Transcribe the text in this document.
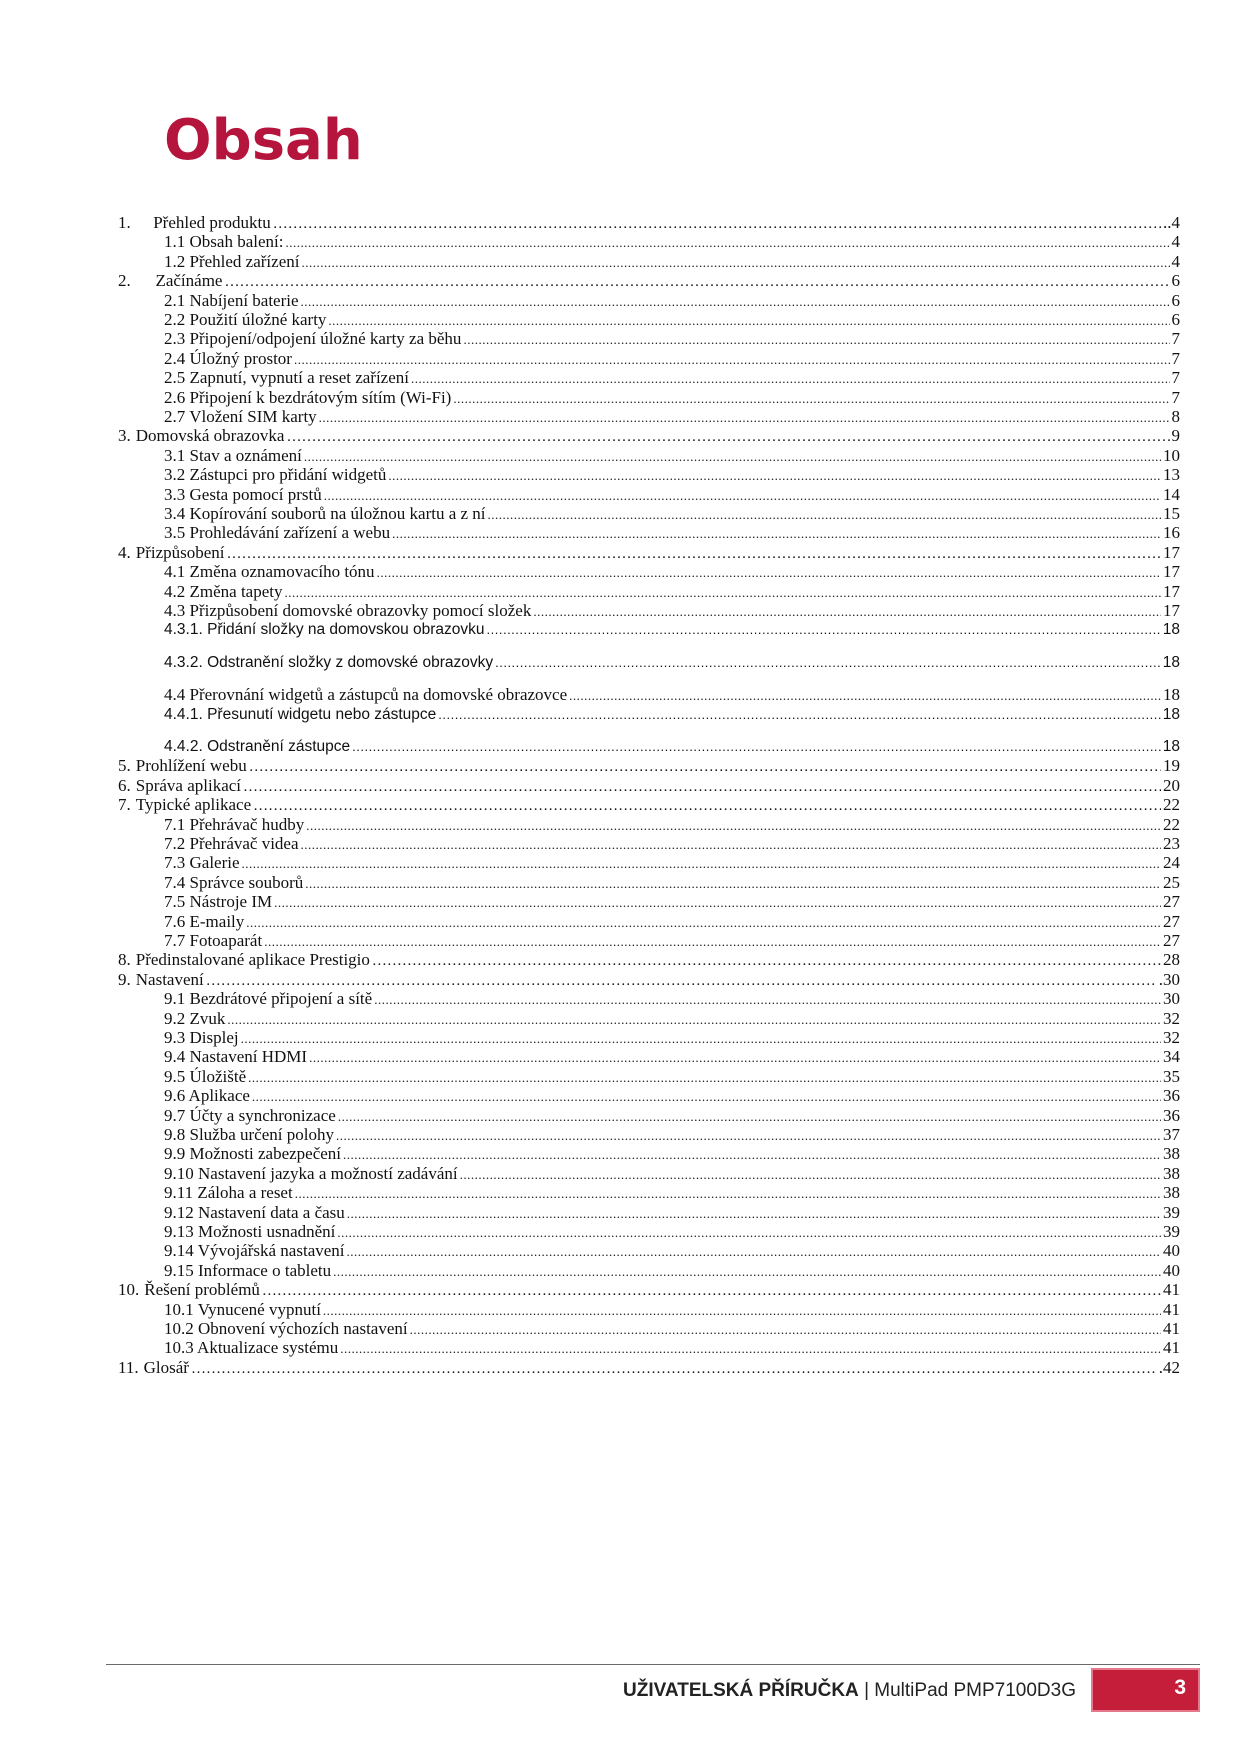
Obsah
1.	Přehled produktu ……………………………………………………………………………………………………………………………………………………………………………………………………	..4
1.1 Obsah balení: .....	4
1.2 Přehled zařízení .....	4
2.	Začínáme ……………………………………………………………………………………………………………………………………………………………………………………………………	6
2.1 Nabíjení baterie .....	6
2.2 Použití úložné karty .....	6
2.3 Připojení/odpojení úložné karty za běhu .....	7
2.4 Úložný prostor .....	7
2.5 Zapnutí, vypnutí a reset zařízení .....	7
2.6 Připojení k bezdrátovým sítím (Wi-Fi) .....	7
2.7 Vložení SIM karty .....	8
3. Domovská obrazovka ……………………………………………………………………………………………………………………………………………………………………………………………………	9
3.1 Stav a oznámení .....	10
3.2 Zástupci pro přidání widgetů .....	13
3.3 Gesta pomocí prstů .....	14
3.4 Kopírování souborů na úložnou kartu a z ní .....	15
3.5 Prohledávání zařízení a webu .....	16
4. Přizpůsobení ……………………………………………………………………………………………………………………………………………………………………………………………………	17
4.1 Změna oznamovacího tónu .....	17
4.2 Změna tapety .....	17
4.3 Přizpůsobení domovské obrazovky pomocí složek .....	17
4.3.1. Přidání složky na domovskou obrazovku .....	18
4.3.2. Odstranění složky z domovské obrazovky .....	18
4.4 Přerovnání widgetů a zástupců na domovské obrazovce .....	18
4.4.1. Přesunutí widgetu nebo zástupce .....	18
4.4.2. Odstranění zástupce .....	18
5. Prohlížení webu ……………………………………………………………………………………………………………………………………………………………………………………………………	19
6. Správa aplikací ……………………………………………………………………………………………………………………………………………………………………………………………………	20
7. Typické aplikace ……………………………………………………………………………………………………………………………………………………………………………………………………	22
7.1 Přehrávač hudby .....	22
7.2 Přehrávač videa .....	23
7.3 Galerie .....	24
7.4 Správce souborů .....	25
7.5 Nástroje IM .....	27
7.6 E-maily .....	27
7.7 Fotoaparát .....	27
8. Předinstalované aplikace Prestigio ……………………………………………………………………………………………………………………………………………………………………………………………………	28
9. Nastavení ……………………………………………………………………………………………………………………………………………………………………………………………………	.30
9.1 Bezdrátové připojení a sítě .....	30
9.2 Zvuk .....	32
9.3 Displej .....	32
9.4 Nastavení HDMI .....	34
9.5 Úložiště .....	35
9.6 Aplikace .....	36
9.7 Účty a synchronizace .....	36
9.8 Služba určení polohy .....	37
9.9 Možnosti zabezpečení .....	38
9.10 Nastavení jazyka a možností zadávání .....	38
9.11 Záloha a reset .....	38
9.12 Nastavení data a času .....	39
9.13 Možnosti usnadnění .....	39
9.14 Vývojářská nastavení .....	40
9.15 Informace o tabletu .....	40
10. Řešení problémů ……………………………………………………………………………………………………………………………………………………………………………………………………	41
10.1 Vynucené vypnutí .....	41
10.2 Obnovení výchozích nastavení .....	41
10.3 Aktualizace systému .....	41
11. Glosář ……………………………………………………………………………………………………………………………………………………………………………………………………	.42
UŽIVATELSKÁ PŘÍRUČKA | MultiPad PMP7100D3G	3
